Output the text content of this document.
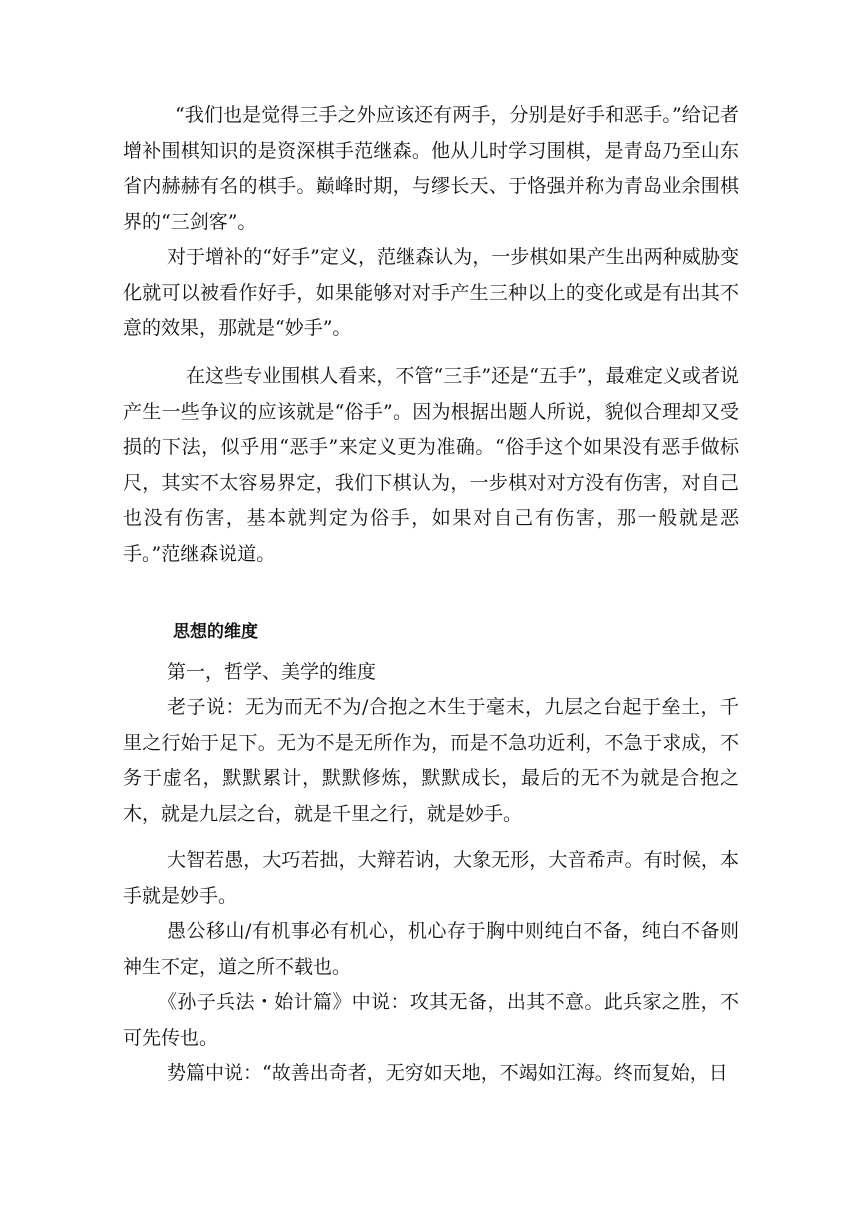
“我们也是觉得三手之外应该还有两手，分别是好手和恶手。”给记者增补围棋知识的是资深棋手范继森。他从儿时学习围棋，是青岛乃至山东省内赫赫有名的棋手。巅峰时期，与缪长天、于恪强并称为青岛业余围棋界的“三剑客”。

对于增补的“好手”定义，范继森认为，一步棋如果产生出两种威胁变化就可以被看作好手，如果能够对对手产生三种以上的变化或是有出其不意的效果，那就是“妙手”。

在这些专业围棋人看来，不管“三手”还是“五手”，最难定义或者说产生一些争议的应该就是“俗手”。因为根据出题人所说，貌似合理却又受损的下法，似乎用“恶手”来定义更为准确。“俗手这个如果没有恶手做标尺，其实不太容易界定，我们下棋认为，一步棋对对方没有伤害，对自己也没有伤害，基本就判定为俗手，如果对自己有伤害，那一般就是恶手。”范继森说道。

思想的维度

第一，哲学、美学的维度

老子说：无为而无不为/合抱之木生于毫末，九层之台起于垒土，千里之行始于足下。无为不是无所作为，而是不急功近利，不急于求成，不务于虚名，默默累计，默默修炼，默默成长，最后的无不为就是合抱之木，就是九层之台，就是千里之行，就是妙手。

大智若愚，大巧若拙，大辩若讷，大象无形，大音希声。有时候，本手就是妙手。

愚公移山/有机事必有机心，机心存于胸中则纯白不备，纯白不备则神生不定，道之所不载也。

《孙子兵法・始计篇》中说：攻其无备，出其不意。此兵家之胜，不可先传也。

势篇中说：“故善出奇者，无穷如天地，不竭如江海。终而复始，日
